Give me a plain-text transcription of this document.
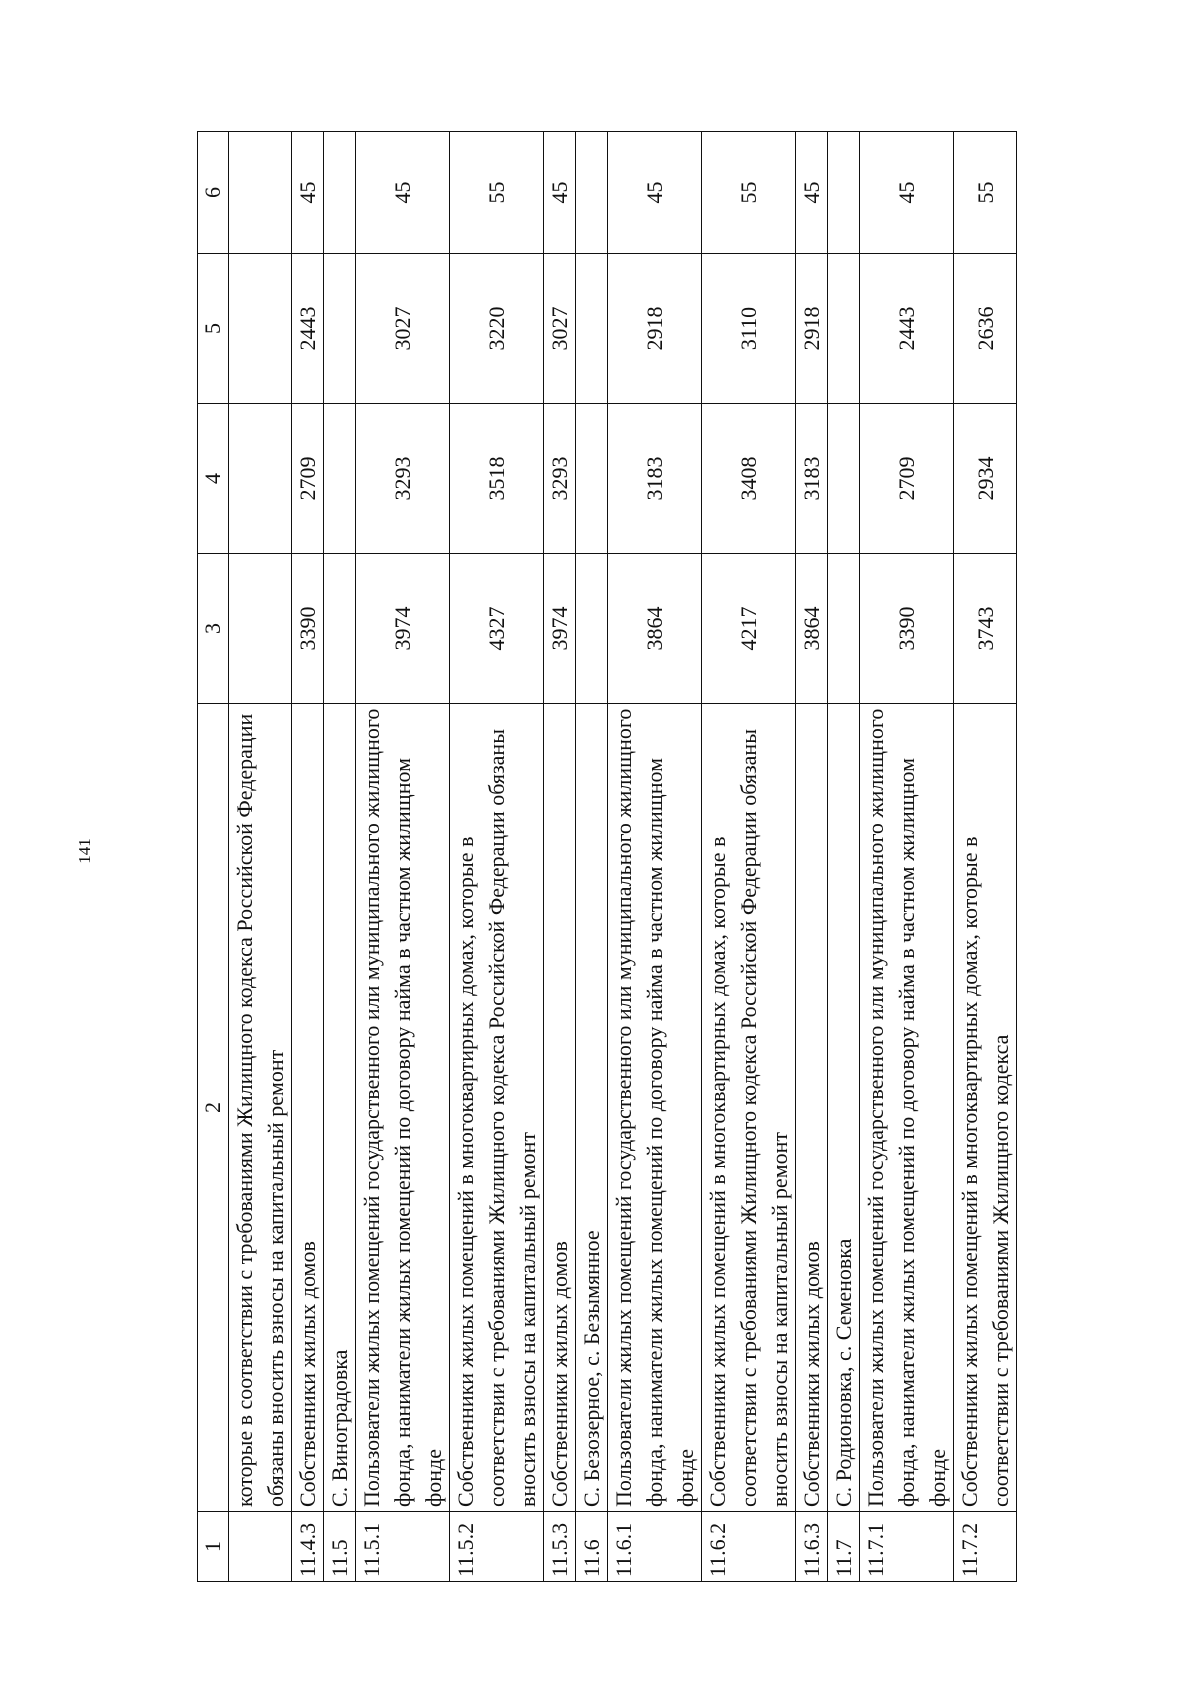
141
1	2	3	4	5	6
	которые в соответствии с требованиями Жилищного кодекса Российской Федерации обязаны вносить взносы на капитальный ремонт				
11.4.3	Собственники жилых домов	3390	2709	2443	45
11.5	С. Виноградовка				
11.5.1	Пользователи жилых помещений государственного или муниципального жилищного фонда, наниматели жилых помещений по договору найма в частном жилищном фонде	3974	3293	3027	45
11.5.2	Собственники жилых помещений в многоквартирных домах, которые в соответствии с требованиями Жилищного кодекса Российской Федерации обязаны вносить взносы на капитальный ремонт	4327	3518	3220	55
11.5.3	Собственники жилых домов	3974	3293	3027	45
11.6	С. Безозерное, с. Безымянное				
11.6.1	Пользователи жилых помещений государственного или муниципального жилищного фонда, наниматели жилых помещений по договору найма в частном жилищном фонде	3864	3183	2918	45
11.6.2	Собственники жилых помещений в многоквартирных домах, которые в соответствии с требованиями Жилищного кодекса Российской Федерации обязаны вносить взносы на капитальный ремонт	4217	3408	3110	55
11.6.3	Собственники жилых домов	3864	3183	2918	45
11.7	С. Родионовка, с. Семеновка				
11.7.1	Пользователи жилых помещений государственного или муниципального жилищного фонда, наниматели жилых помещений по договору найма в частном жилищном фонде	3390	2709	2443	45
11.7.2	Собственники жилых помещений в многоквартирных домах, которые в соответствии с требованиями Жилищного кодекса	3743	2934	2636	55
